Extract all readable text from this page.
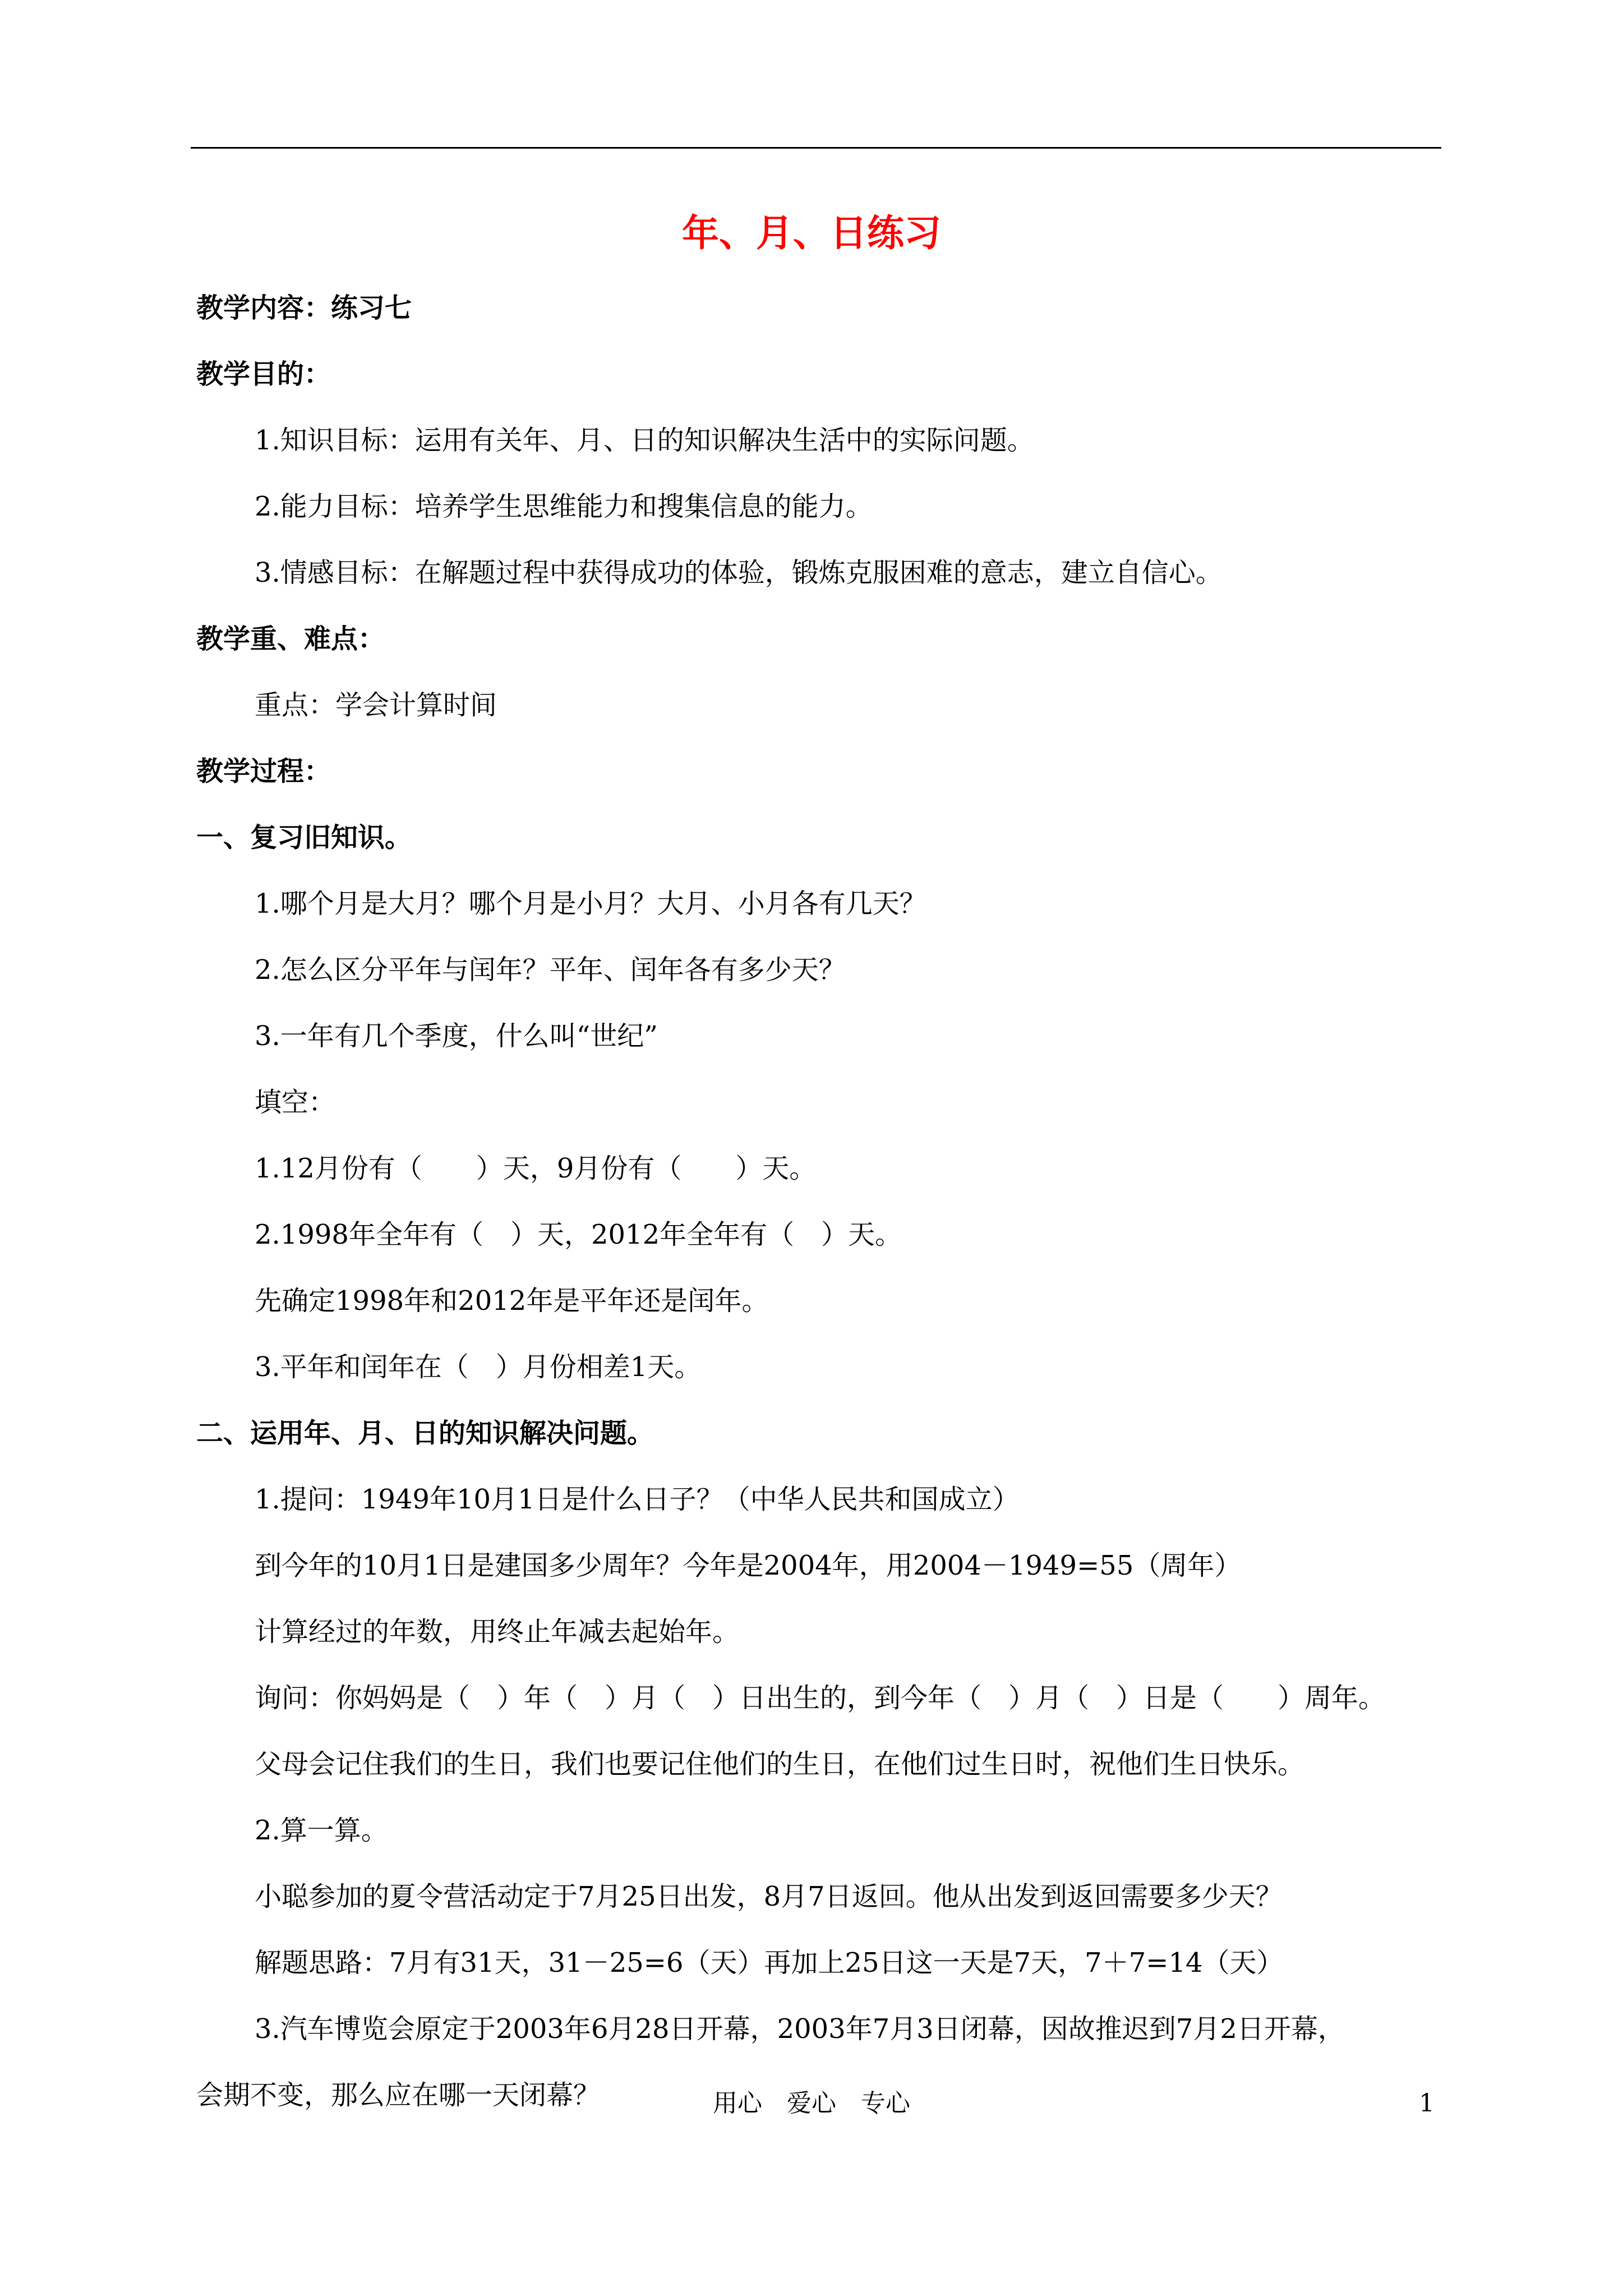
年、月、日练习
教学内容：练习七
教学目的：
1.知识目标：运用有关年、月、日的知识解决生活中的实际问题。
2.能力目标：培养学生思维能力和搜集信息的能力。
3.情感目标：在解题过程中获得成功的体验，锻炼克服困难的意志，建立自信心。
教学重、难点：
重点：学会计算时间
教学过程：
一、复习旧知识。
1.哪个月是大月？哪个月是小月？大月、小月各有几天？
2.怎么区分平年与闰年？平年、闰年各有多少天？
3.一年有几个季度，什么叫“世纪”
填空：
1.12月份有（　　）天，9月份有（　　）天。
2.1998年全年有（　）天，2012年全年有（　）天。
先确定1998年和2012年是平年还是闰年。
3.平年和闰年在（　）月份相差1天。
二、运用年、月、日的知识解决问题。
1.提问：1949年10月1日是什么日子？（中华人民共和国成立）
到今年的10月1日是建国多少周年？今年是2004年，用2004－1949=55（周年）
计算经过的年数，用终止年减去起始年。
询问：你妈妈是（　）年（　）月（　）日出生的，到今年（　）月（　）日是（　　）周年。
父母会记住我们的生日，我们也要记住他们的生日，在他们过生日时，祝他们生日快乐。
2.算一算。
小聪参加的夏令营活动定于7月25日出发，8月7日返回。他从出发到返回需要多少天？
解题思路：7月有31天，31－25=6（天）再加上25日这一天是7天，7＋7=14（天）
3.汽车博览会原定于2003年6月28日开幕，2003年7月3日闭幕，因故推迟到7月2日开幕，
会期不变，那么应在哪一天闭幕？	用心　爱心　专心	1
